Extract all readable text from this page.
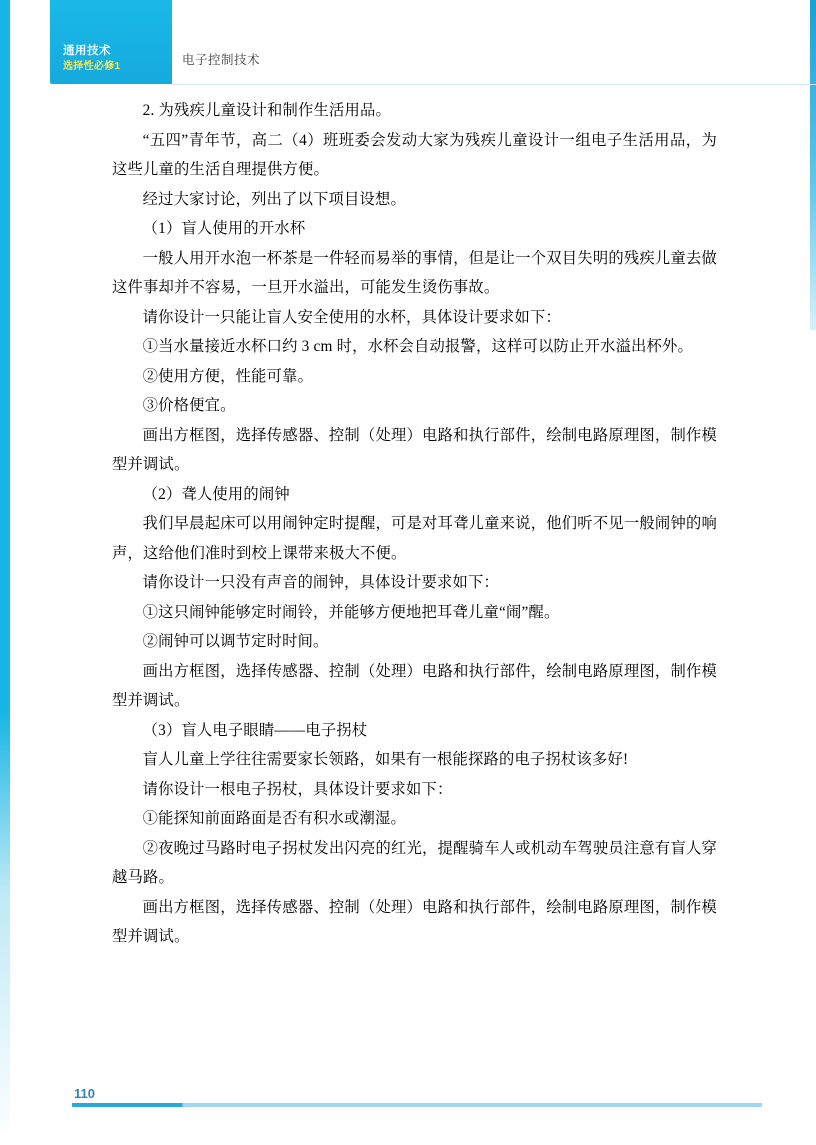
通用技术
选择性必修1	电子控制技术

2. 为残疾儿童设计和制作生活用品。

“五四”青年节，高二（4）班班委会发动大家为残疾儿童设计一组电子生活用品，为这些儿童的生活自理提供方便。

经过大家讨论，列出了以下项目设想。

（1）盲人使用的开水杯

一般人用开水泡一杯茶是一件轻而易举的事情，但是让一个双目失明的残疾儿童去做这件事却并不容易，一旦开水溢出，可能发生烫伤事故。

请你设计一只能让盲人安全使用的水杯，具体设计要求如下：

①当水量接近水杯口约 3 cm 时，水杯会自动报警，这样可以防止开水溢出杯外。

②使用方便，性能可靠。

③价格便宜。

画出方框图，选择传感器、控制（处理）电路和执行部件，绘制电路原理图，制作模型并调试。

（2）聋人使用的闹钟

我们早晨起床可以用闹钟定时提醒，可是对耳聋儿童来说，他们听不见一般闹钟的响声，这给他们准时到校上课带来极大不便。

请你设计一只没有声音的闹钟，具体设计要求如下：

①这只闹钟能够定时闹铃，并能够方便地把耳聋儿童“闹”醒。

②闹钟可以调节定时时间。

画出方框图，选择传感器、控制（处理）电路和执行部件，绘制电路原理图，制作模型并调试。

（3）盲人电子眼睛——电子拐杖

盲人儿童上学往往需要家长领路，如果有一根能探路的电子拐杖该多好!

请你设计一根电子拐杖，具体设计要求如下：

①能探知前面路面是否有积水或潮湿。

②夜晚过马路时电子拐杖发出闪亮的红光，提醒骑车人或机动车驾驶员注意有盲人穿越马路。

画出方框图，选择传感器、控制（处理）电路和执行部件，绘制电路原理图，制作模型并调试。

110
